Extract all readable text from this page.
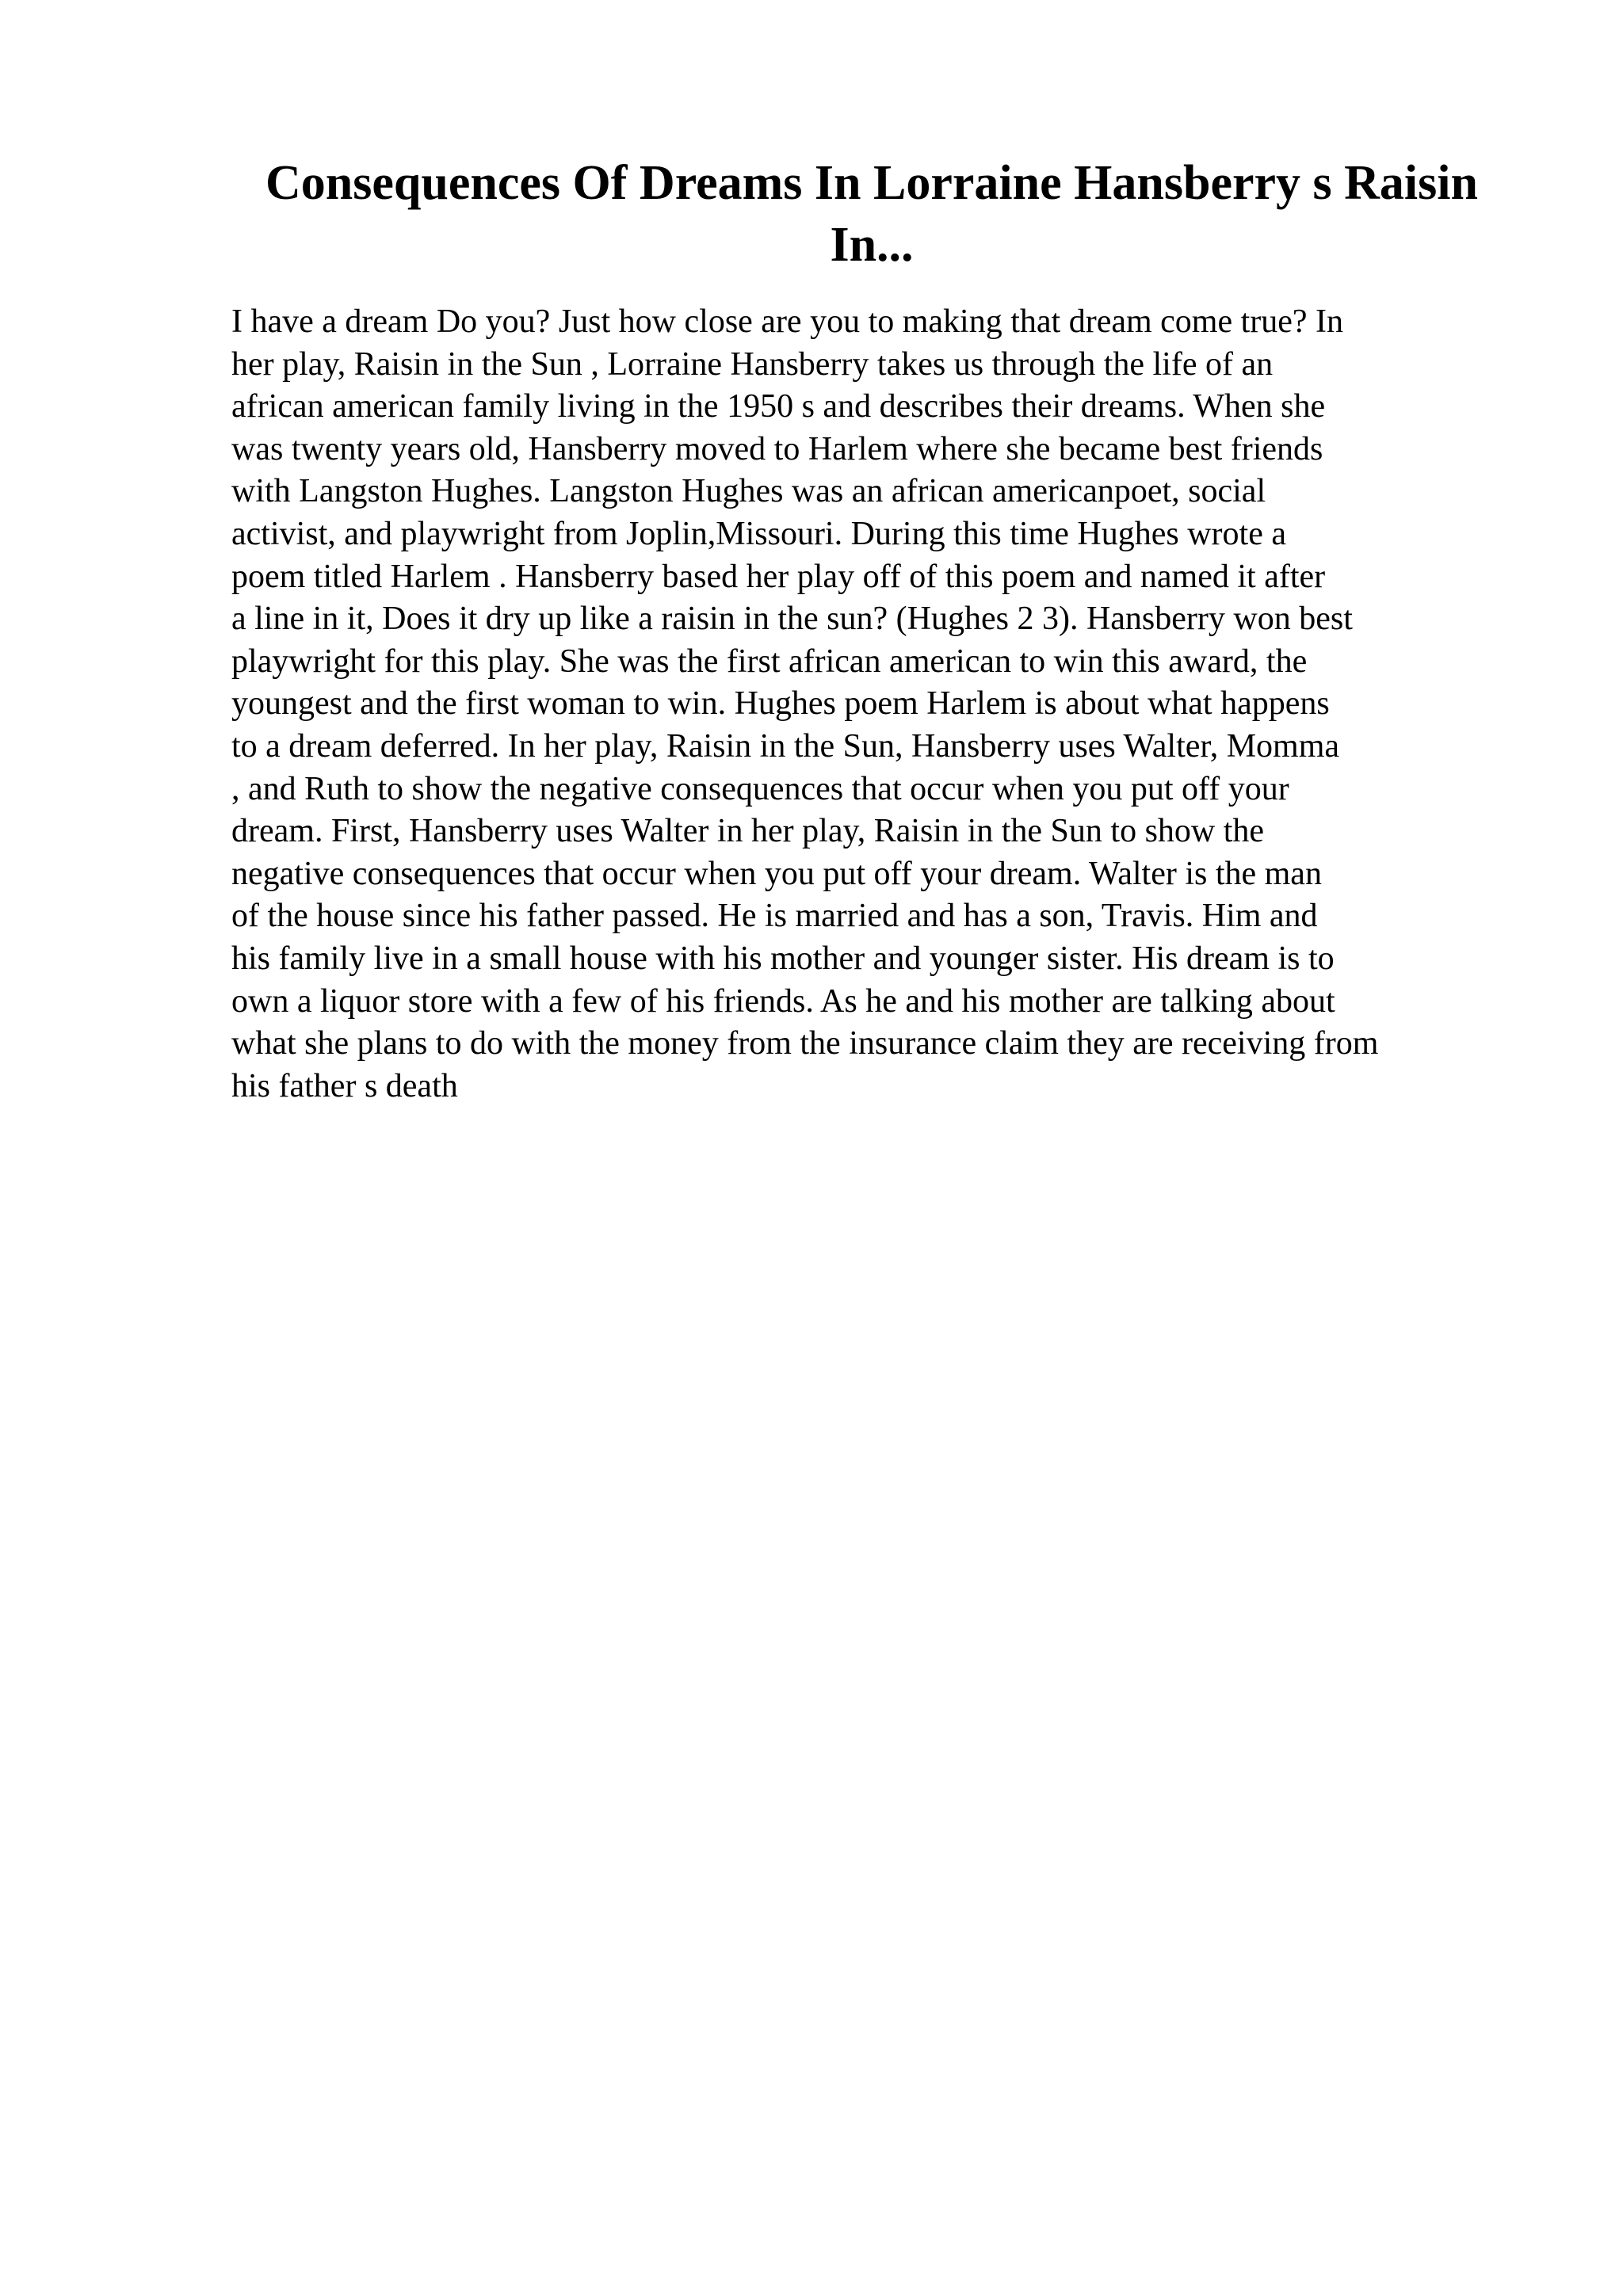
Consequences Of Dreams In Lorraine Hansberry s Raisin In...
I have a dream Do you? Just how close are you to making that dream come true? In
her play, Raisin in the Sun , Lorraine Hansberry takes us through the life of an
african american family living in the 1950 s and describes their dreams. When she
was twenty years old, Hansberry moved to Harlem where she became best friends
with Langston Hughes. Langston Hughes was an african americanpoet, social
activist, and playwright from Joplin,Missouri. During this time Hughes wrote a
poem titled Harlem . Hansberry based her play off of this poem and named it after
a line in it, Does it dry up like a raisin in the sun? (Hughes 2 3). Hansberry won best
playwright for this play. She was the first african american to win this award, the
youngest and the first woman to win. Hughes poem Harlem is about what happens
to a dream deferred. In her play, Raisin in the Sun, Hansberry uses Walter, Momma
, and Ruth to show the negative consequences that occur when you put off your
dream. First, Hansberry uses Walter in her play, Raisin in the Sun to show the
negative consequences that occur when you put off your dream. Walter is the man
of the house since his father passed. He is married and has a son, Travis. Him and
his family live in a small house with his mother and younger sister. His dream is to
own a liquor store with a few of his friends. As he and his mother are talking about
what she plans to do with the money from the insurance claim they are receiving from
his father s death
